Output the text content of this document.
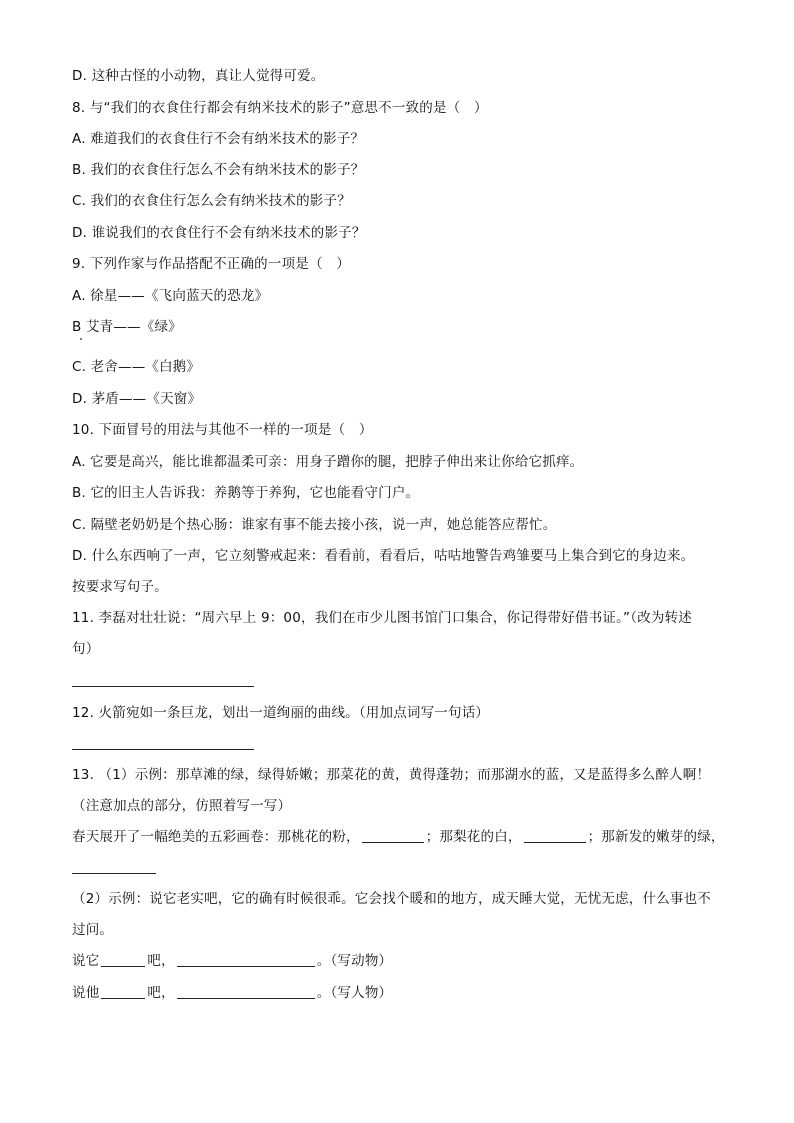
D. 这种古怪的小动物，真让人觉得可爱。
8. 与“我们的衣食住行都会有纳米技术的影子”意思不一致的是（　）
A. 难道我们的衣食住行不会有纳米技术的影子？
B. 我们的衣食住行怎么不会有纳米技术的影子？
C. 我们的衣食住行怎么会有纳米技术的影子？
D. 谁说我们的衣食住行不会有纳米技术的影子？
9. 下列作家与作品搭配不正确的一项是（　）
A. 徐星——《飞向蓝天的恐龙》
B 艾青——《绿》
C. 老舍——《白鹅》
D. 茅盾——《天窗》
10. 下面冒号的用法与其他不一样的一项是（　）
A. 它要是高兴，能比谁都温柔可亲：用身子蹭你的腿，把脖子伸出来让你给它抓痒。
B. 它的旧主人告诉我：养鹅等于养狗，它也能看守门户。
C. 隔壁老奶奶是个热心肠：谁家有事不能去接小孩，说一声，她总能答应帮忙。
D. 什么东西响了一声，它立刻警戒起来：看看前，看看后，咕咕地警告鸡雏要马上集合到它的身边来。
按要求写句子。
11. 李磊对壮壮说：“周六早上 9：00，我们在市少儿图书馆门口集合，你记得带好借书证。”（改为转述
句）
12. 火箭宛如一条巨龙，划出一道绚丽的曲线。（用加点词写一句话）
13. （1）示例：那草滩的绿，绿得娇嫩；那菜花的黄，黄得蓬勃；而那湖水的蓝，又是蓝得多么醉人啊！
（注意加点的部分，仿照着写一写）
春天展开了一幅绝美的五彩画卷：那桃花的粉，	；那梨花的白，	；那新发的嫩芽的绿，
（2）示例：说它老实吧，它的确有时候很乖。它会找个暖和的地方，成天睡大觉，无忧无虑，什么事也不
过问。
说它	吧，	。（写动物）
说他	吧，	。（写人物）
